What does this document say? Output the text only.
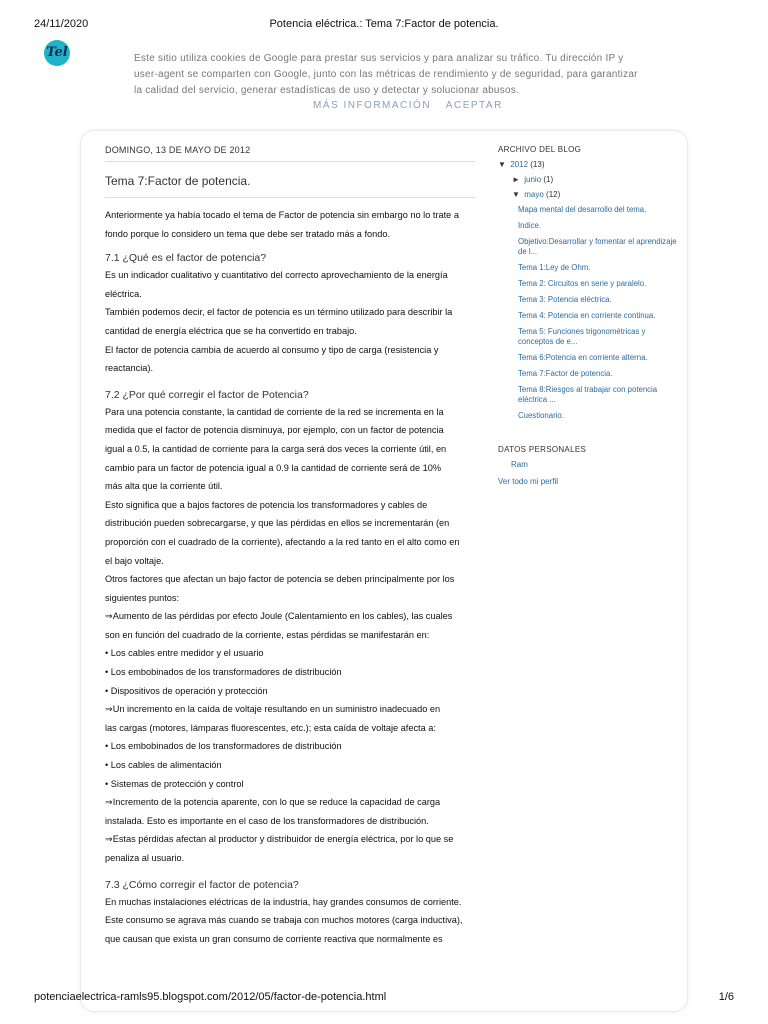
24/11/2020	Potencia eléctrica.: Tema 7:Factor de potencia.
Tel	Este sitio utiliza cookies de Google para prestar sus servicios y para analizar su tráfico. Tu dirección IP y user-agent se comparten con Google, junto con las métricas de rendimiento y de seguridad, para garantizar la calidad del servicio, generar estadísticas de uso y detectar y solucionar abusos.
MÁS INFORMACIÓN ACEPTAR
DOMINGO, 13 DE MAYO DE 2012
Tema 7:Factor de potencia.

Anteriormente ya había tocado el tema de Factor de potencia sin embargo no lo trate a

fondo porque lo considero un tema que debe ser tratado más a fondo.

7.1 ¿Qué es el factor de potencia?

Es un indicador cualitativo y cuantitativo del correcto aprovechamiento de la energía

eléctrica.

También podemos decir, el factor de potencia es un término utilizado para describir la

cantidad de energía eléctrica que se ha convertido en trabajo.

El factor de potencia cambia de acuerdo al consumo y tipo de carga (resistencia y

reactancia).

7.2 ¿Por qué corregir el factor de Potencia?

Para una potencia constante, la cantidad de corriente de la red se incrementa en la

medida que el factor de potencia disminuya, por ejemplo, con un factor de potencia

igual a 0.5, la cantidad de corriente para la carga será dos veces la corriente útil, en

cambio para un factor de potencia igual a 0.9 la cantidad de corriente será de 10%

más alta que la corriente útil.

Esto significa que a bajos factores de potencia los transformadores y cables de

distribución pueden sobrecargarse, y que las pérdidas en ellos se incrementarán (en

proporción con el cuadrado de la corriente), afectando a la red tanto en el alto como en

el bajo voltaje.

Otros factores que afectan un bajo factor de potencia se deben principalmente por los

siguientes puntos:

⇒Aumento de las pérdidas por efecto Joule (Calentamiento en los cables), las cuales

son en función del cuadrado de la corriente, estas pérdidas se manifestarán en:

• Los cables entre medidor y el usuario

• Los embobinados de los transformadores de distribución

• Dispositivos de operación y protección

⇒Un incremento en la caída de voltaje resultando en un suministro inadecuado en

las cargas (motores, lámparas fluorescentes, etc.); esta caída de voltaje afecta a:

• Los embobinados de los transformadores de distribución

• Los cables de alimentación

• Sistemas de protección y control

⇒Incremento de la potencia aparente, con lo que se reduce la capacidad de carga

instalada. Esto es importante en el caso de los transformadores de distribución.

⇒Estas pérdidas afectan al productor y distribuidor de energía eléctrica, por lo que se

penaliza al usuario.

7.3 ¿Cómo corregir el factor de potencia?

En muchas instalaciones eléctricas de la industria, hay grandes consumos de corriente.

Este consumo se agrava más cuando se trabaja con muchos motores (carga inductiva),

que causan que exista un gran consumo de corriente reactiva que normalmente es

ARCHIVO DEL BLOG
▼ 2012 (13)
► junio (1)
▼ mayo (12)
Mapa mental del desarrollo del tema.
Indice.
Objetivo:Desarrollar y fomentar el aprendizaje de l...
Tema 1:Ley de Ohm.
Tema 2: Circuitos en serie y paralelo.
Tema 3: Potencia eléctrica.
Tema 4: Potencia en corriente continua.
Tema 5: Funciones trigonométricas y conceptos de e...
Tema 6:Potencia en corriente alterna.
Tema 7:Factor de potencia.
Tema 8:Riesgos al trabajar con potencia eléctrica ...
Cuestionario.
DATOS PERSONALES
Ram
Ver todo mi perfil
potenciaelectrica-ramls95.blogspot.com/2012/05/factor-de-potencia.html	1/6
